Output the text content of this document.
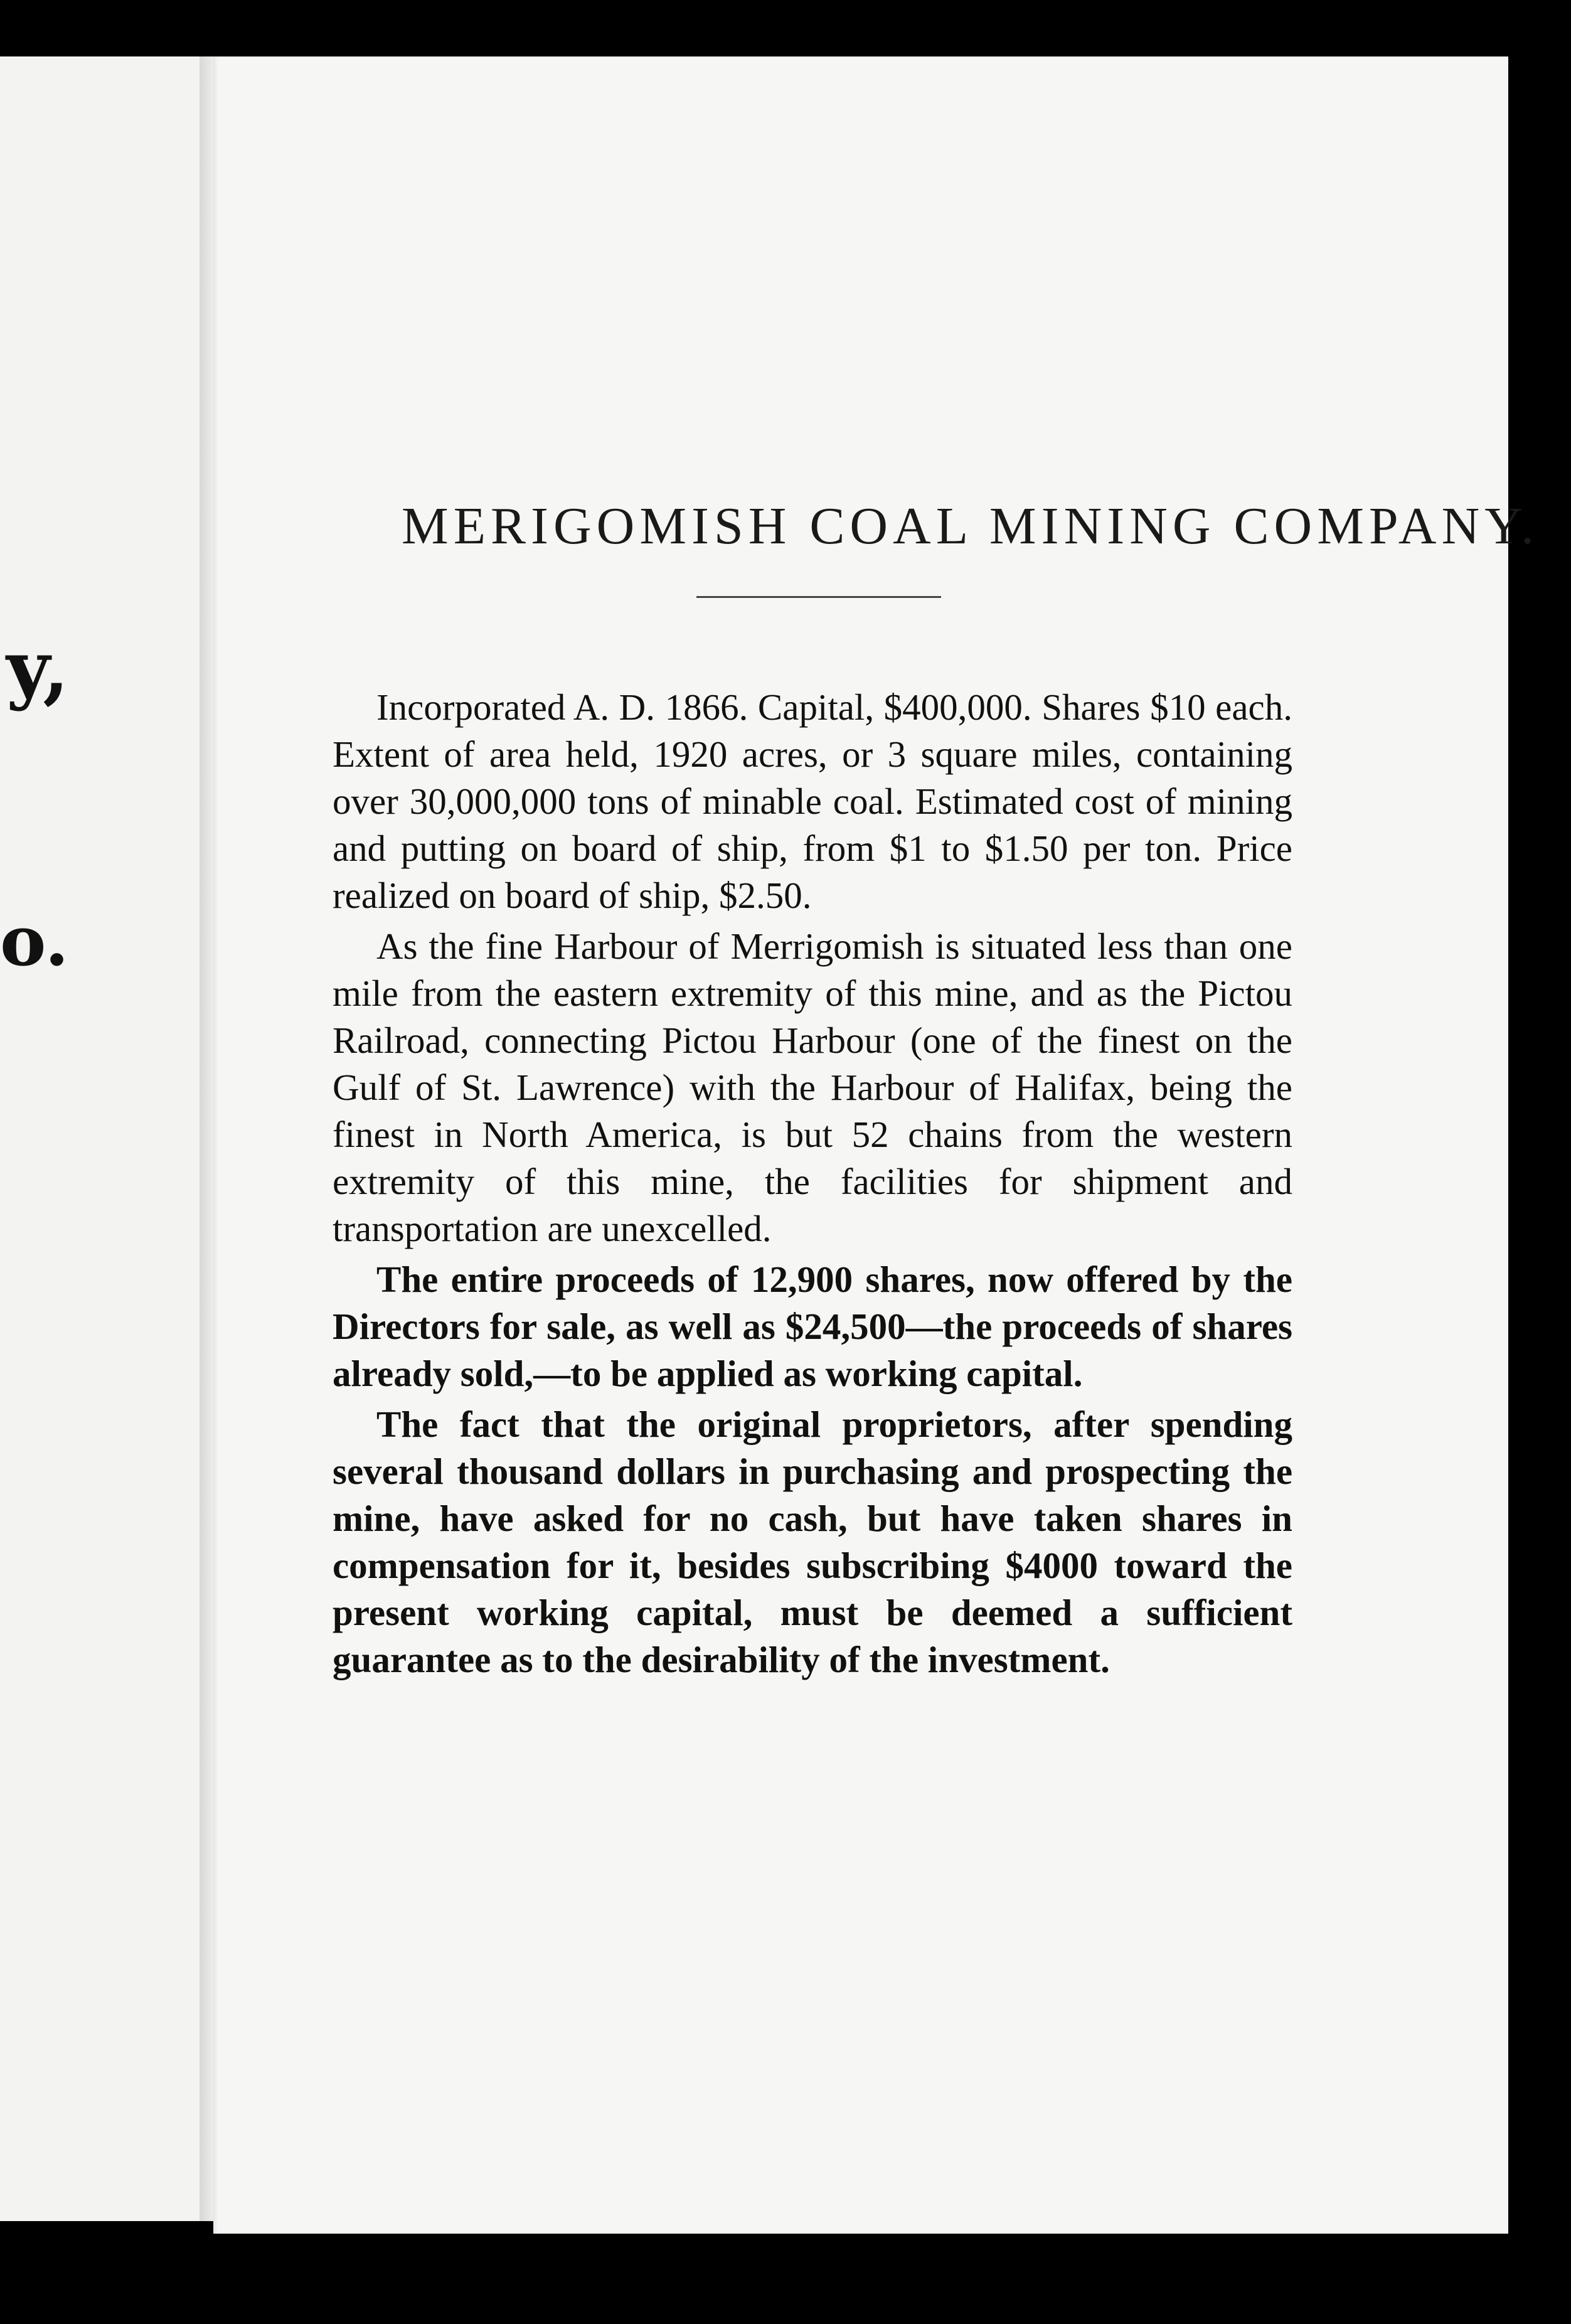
y,
o.
MERIGOMISH COAL MINING COMPANY.

Incorporated A. D. 1866. Capital, $400,000. Shares $10 each. Extent of area held, 1920 acres, or 3 square miles, containing over 30,000,000 tons of minable coal. Estimated cost of mining and putting on board of ship, from $1 to $1.50 per ton. Price realized on board of ship, $2.50.

As the fine Harbour of Merrigomish is situated less than one mile from the eastern extremity of this mine, and as the Pictou Railroad, connecting Pictou Harbour (one of the finest on the Gulf of St. Lawrence) with the Harbour of Halifax, being the finest in North America, is but 52 chains from the western extremity of this mine, the facilities for shipment and transportation are unexcelled.

The entire proceeds of 12,900 shares, now offered by the Directors for sale, as well as $24,500—the proceeds of shares already sold,—to be applied as working capital.

The fact that the original proprietors, after spending several thousand dollars in purchasing and prospecting the mine, have asked for no cash, but have taken shares in compensation for it, besides subscribing $4000 toward the present working capital, must be deemed a sufficient guarantee as to the desirability of the investment.
